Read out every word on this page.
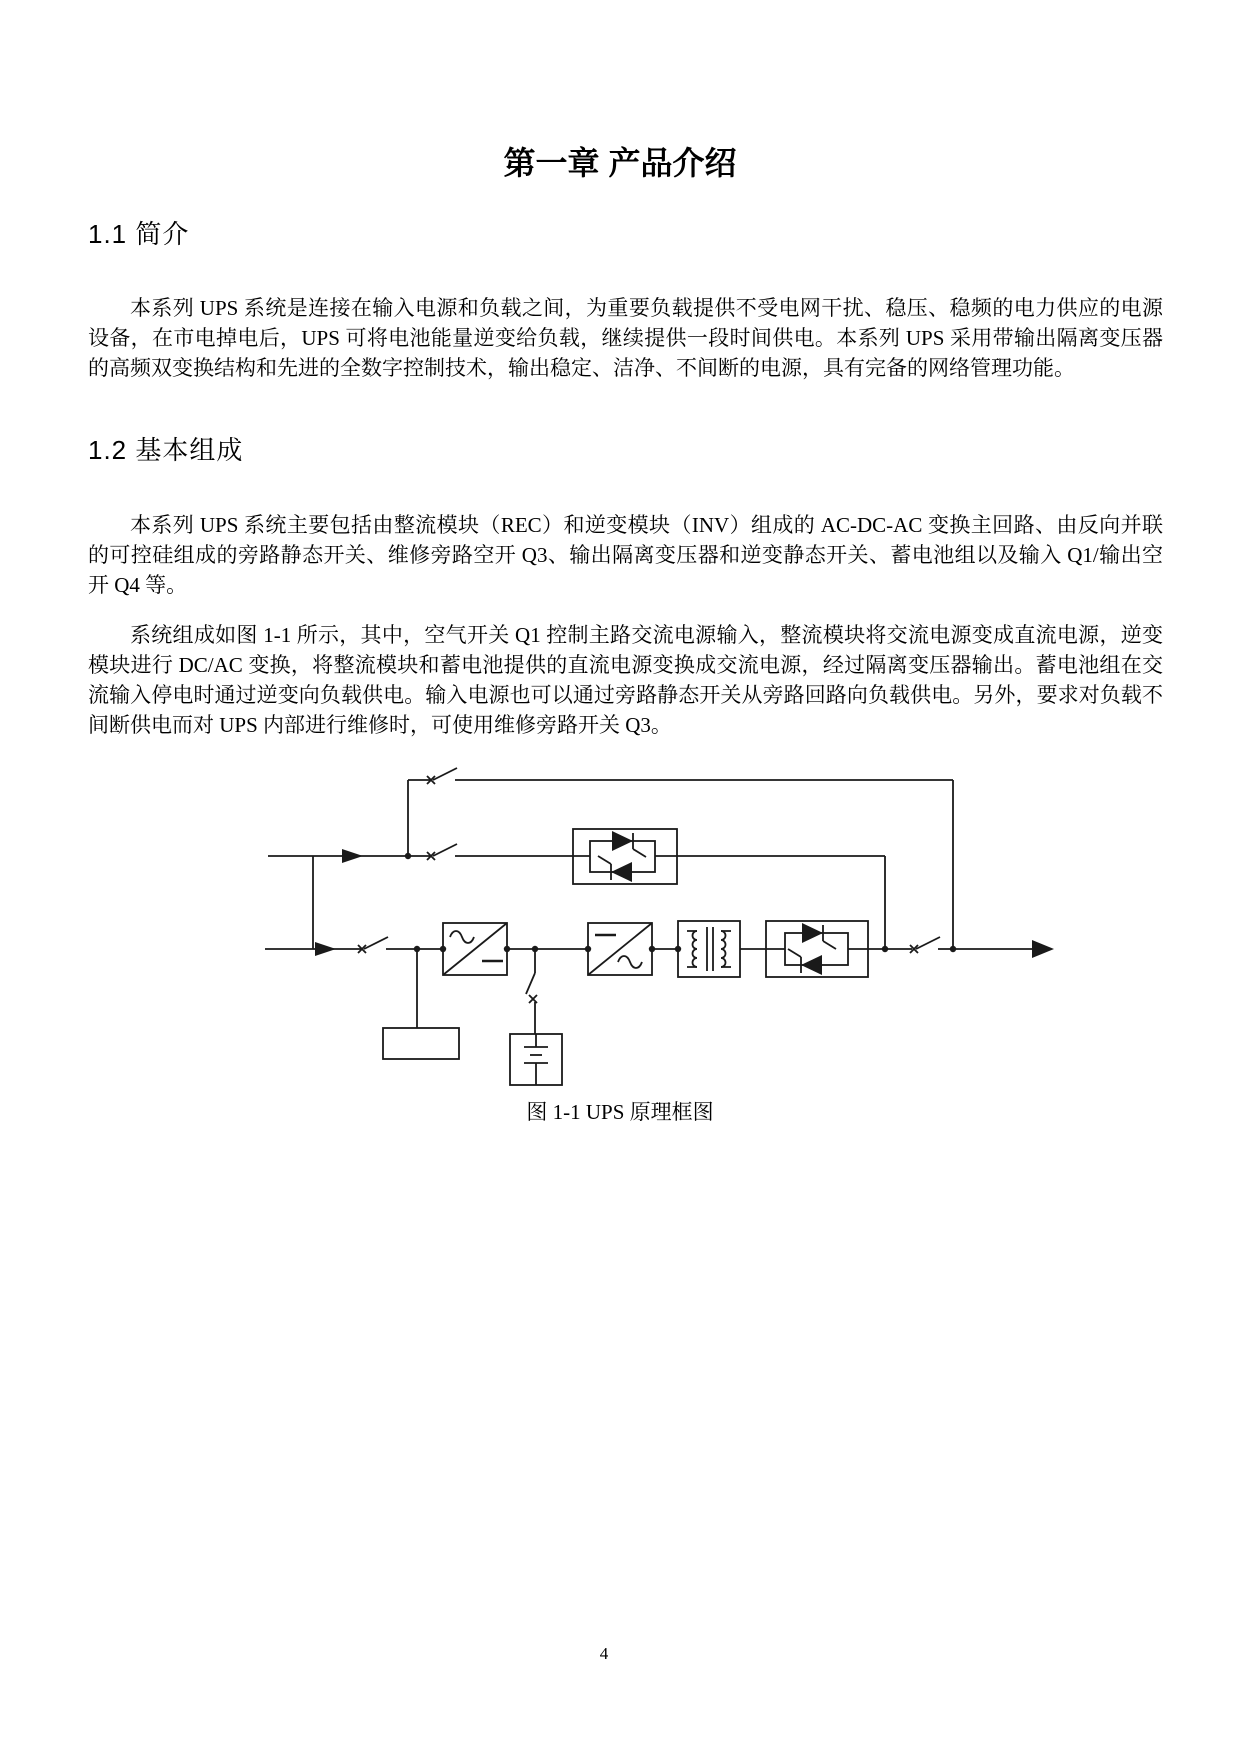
第一章 产品介绍
1.1 简介

本系列 UPS 系统是连接在输入电源和负载之间，为重要负载提供不受电网干扰、稳压、稳频的电力供应的电源设备，在市电掉电后，UPS 可将电池能量逆变给负载，继续提供一段时间供电。本系列 UPS 采用带输出隔离变压器的高频双变换结构和先进的全数字控制技术，输出稳定、洁净、不间断的电源，具有完备的网络管理功能。

1.2 基本组成

本系列 UPS 系统主要包括由整流模块（REC）和逆变模块（INV）组成的 AC-DC-AC 变换主回路、由反向并联的可控硅组成的旁路静态开关、维修旁路空开 Q3、输出隔离变压器和逆变静态开关、蓄电池组以及输入 Q1/输出空开 Q4 等。

系统组成如图 1-1 所示，其中，空气开关 Q1 控制主路交流电源输入，整流模块将交流电源变成直流电源，逆变模块进行 DC/AC 变换，将整流模块和蓄电池提供的直流电源变换成交流电源，经过隔离变压器输出。蓄电池组在交流输入停电时通过逆变向负载供电。输入电源也可以通过旁路静态开关从旁路回路向负载供电。另外，要求对负载不间断供电而对 UPS 内部进行维修时，可使用维修旁路开关 Q3。

图 1-1 UPS 原理框图
4
